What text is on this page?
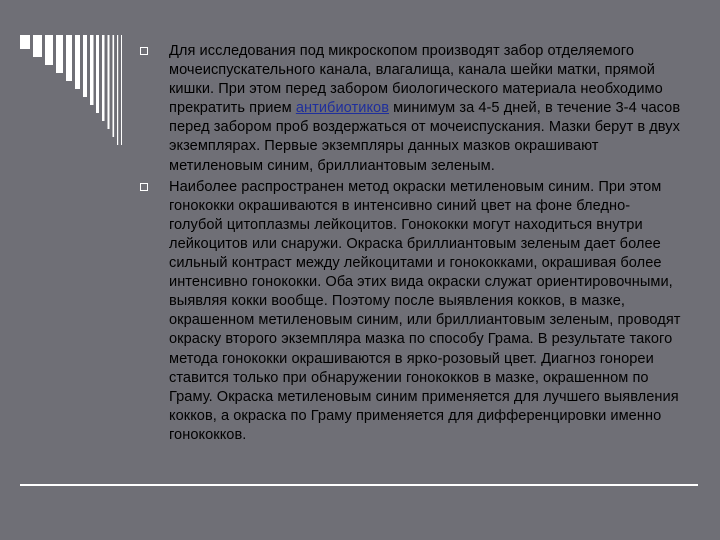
Для исследования под микроскопом производят забор отделяемого мочеиспускательного канала, влагалища, канала шейки матки, прямой кишки. При этом перед забором биологического материала необходимо прекратить прием антибиотиков минимум за 4-5 дней, в течение 3-4 часов перед забором проб воздержаться от мочеиспускания. Мазки берут в двух экземплярах. Первые экземпляры данных мазков окрашивают метиленовым синим, бриллиантовым зеленым.
Наиболее распространен метод окраски метиленовым синим. При этом гонококки окрашиваются в интенсивно синий цвет на фоне бледно-голубой цитоплазмы лейкоцитов. Гонококки могут находиться внутри лейкоцитов или снаружи. Окраска бриллиантовым зеленым дает более сильный контраст между лейкоцитами и гонококками, окрашивая более интенсивно гонококки. Оба этих вида окраски служат ориентировочными, выявляя кокки вообще. Поэтому после выявления кокков, в мазке, окрашенном метиленовым синим, или бриллиантовым зеленым, проводят окраску второго экземпляра мазка по способу Грама. В результате такого метода гонококки окрашиваются в ярко-розовый цвет. Диагноз гонореи ставится только при обнаружении гонококков в мазке, окрашенном по Граму. Окраска метиленовым синим применяется для лучшего выявления кокков, а окраска по Граму применяется для дифференцировки именно гонококков.
